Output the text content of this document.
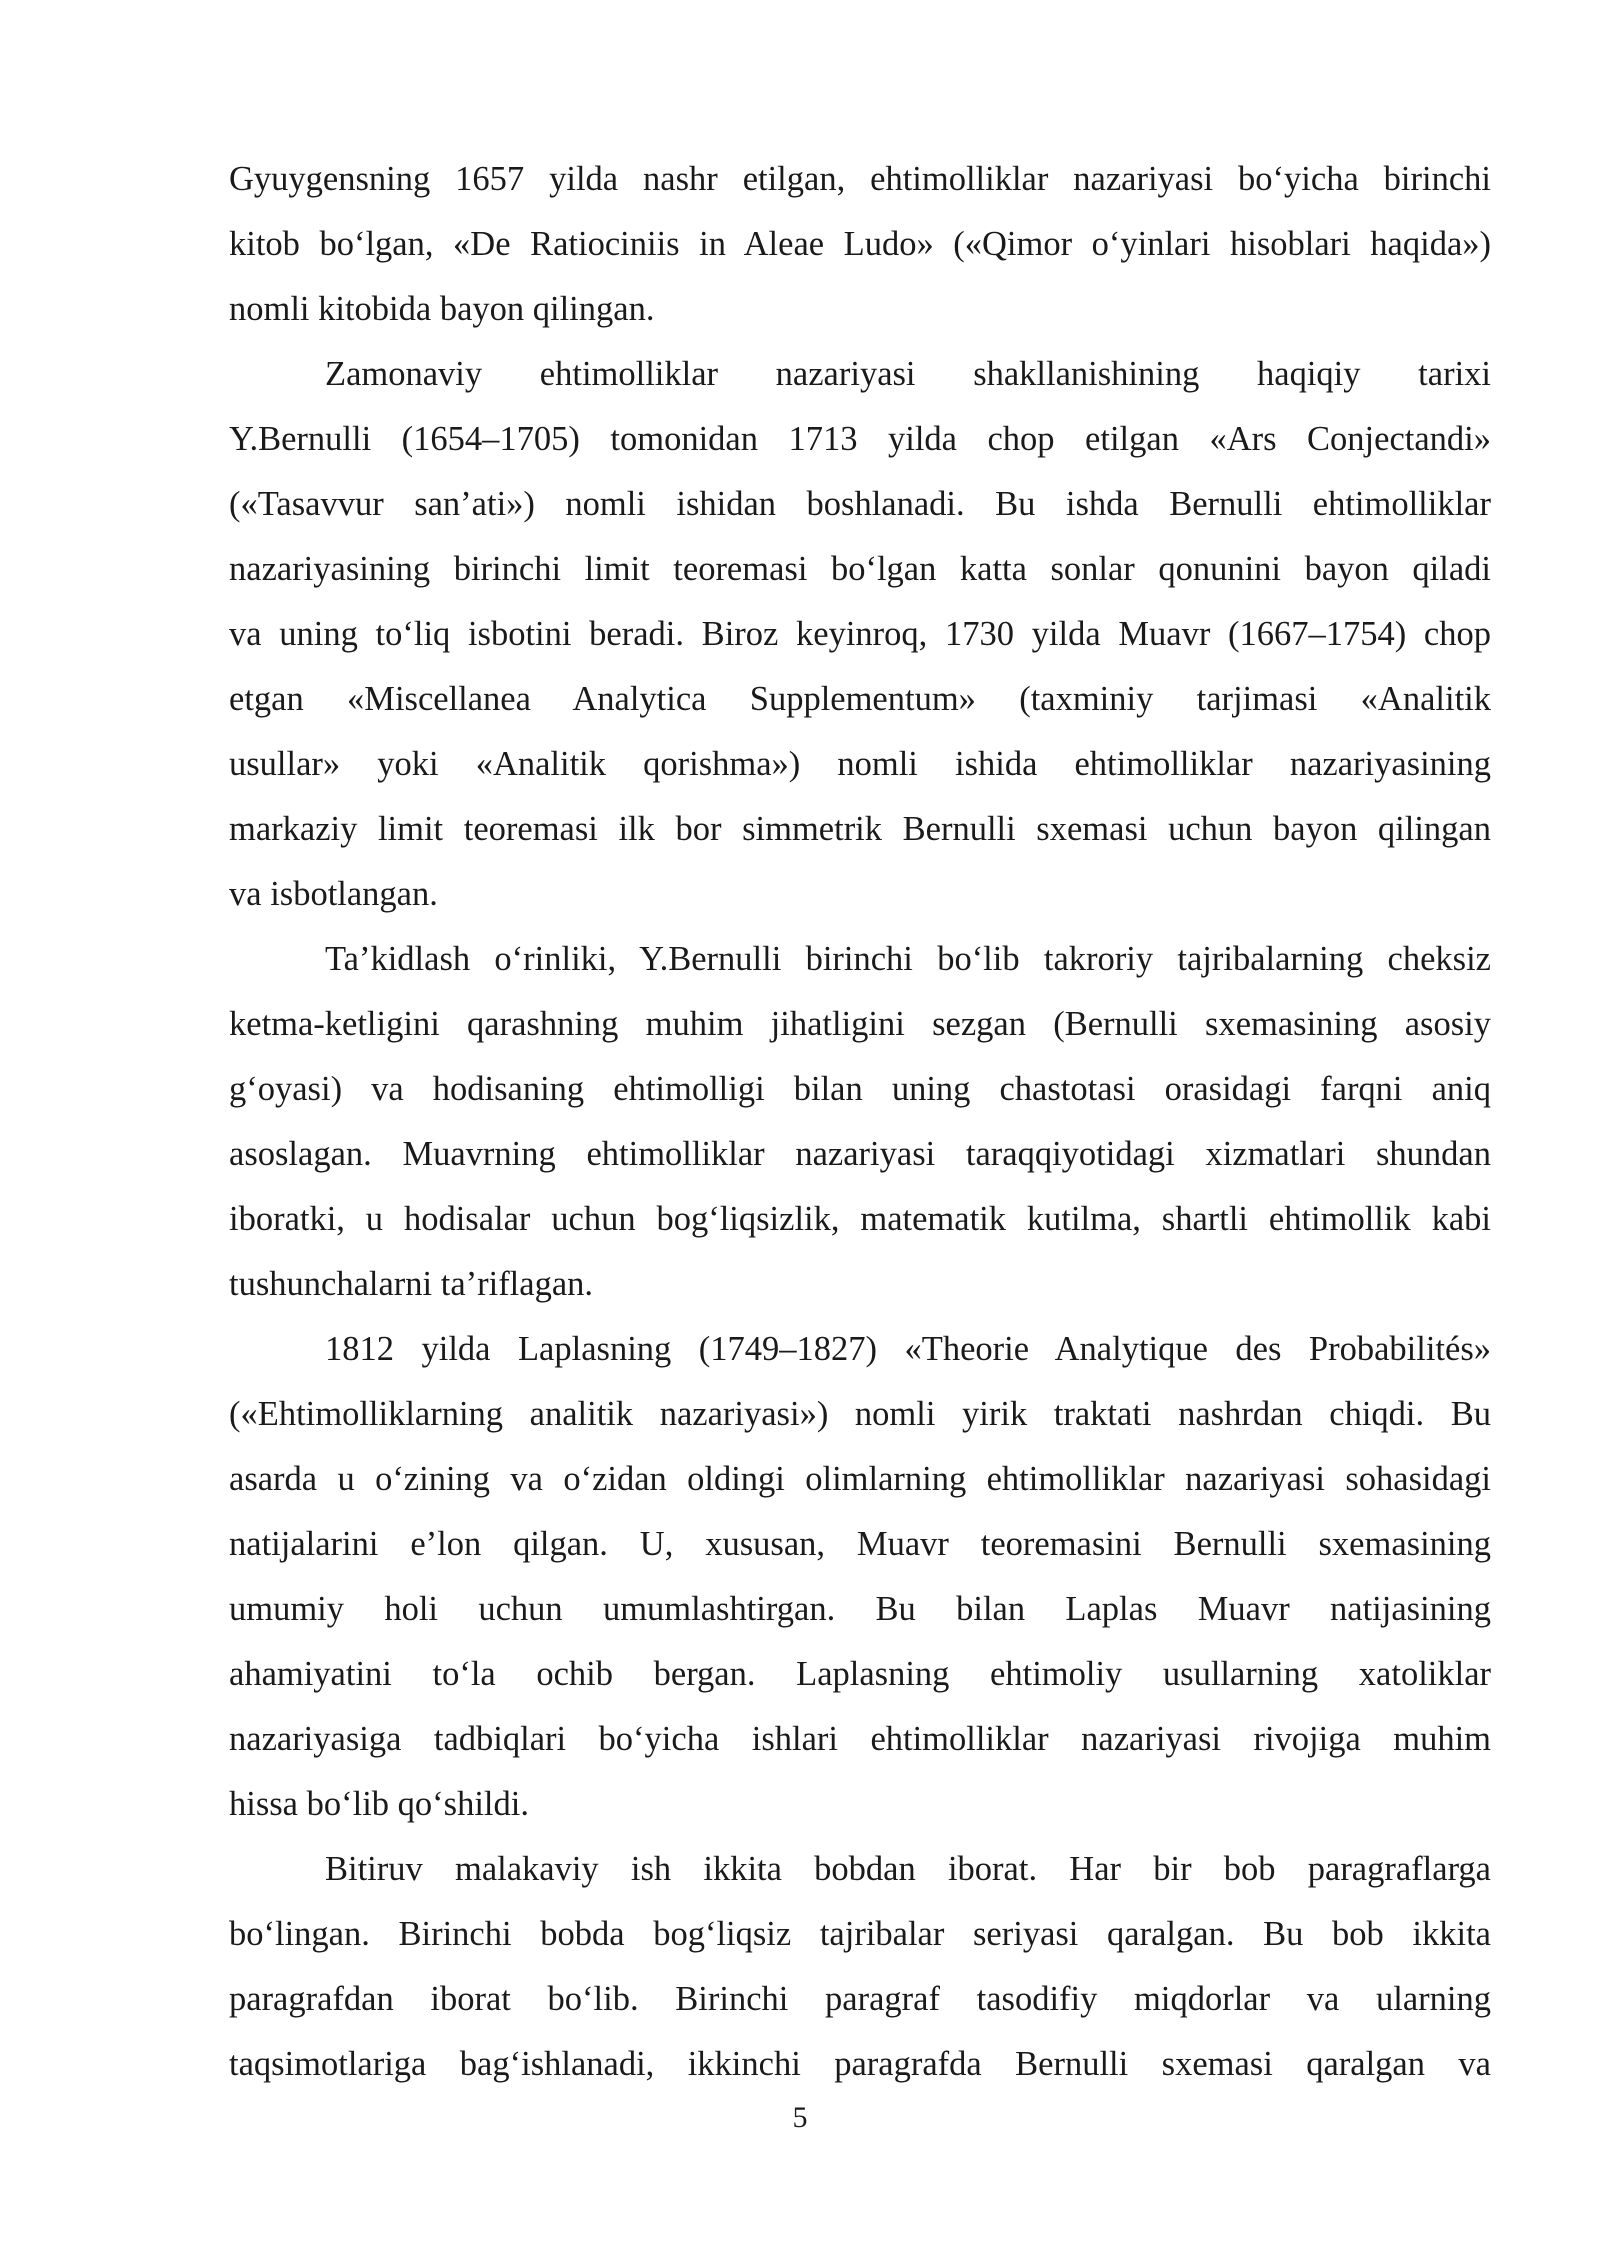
Gyuygensning 1657 yilda nashr etilgan, ehtimolliklar nazariyasi bo‘yicha birinchi
kitob bo‘lgan, «De Ratiociniis in Aleae Ludo» («Qimor o‘yinlari hisoblari haqida»)
nomli kitobida bayon qilingan.
Zamonaviy ehtimolliklar nazariyasi shakllanishining haqiqiy tarixi
Y.Bernulli (1654–1705) tomonidan 1713 yilda chop etilgan «Ars Conjectandi»
(«Tasavvur san’ati») nomli ishidan boshlanadi. Bu ishda Bernulli ehtimolliklar
nazariyasining birinchi limit teoremasi bo‘lgan katta sonlar qonunini bayon qiladi
va uning to‘liq isbotini beradi. Biroz keyinroq, 1730 yilda Muavr (1667–1754) chop
etgan «Miscellanea Analytica Supplementum» (taxminiy tarjimasi «Analitik
usullar» yoki «Analitik qorishma») nomli ishida ehtimolliklar nazariyasining
markaziy limit teoremasi ilk bor simmetrik Bernulli sxemasi uchun bayon qilingan
va isbotlangan.
Ta’kidlash o‘rinliki, Y.Bernulli birinchi bo‘lib takroriy tajribalarning cheksiz
ketma-ketligini qarashning muhim jihatligini sezgan (Bernulli sxemasining asosiy
g‘oyasi) va hodisaning ehtimolligi bilan uning chastotasi orasidagi farqni aniq
asoslagan. Muavrning ehtimolliklar nazariyasi taraqqiyotidagi xizmatlari shundan
iboratki, u hodisalar uchun bog‘liqsizlik, matematik kutilma, shartli ehtimollik kabi
tushunchalarni ta’riflagan.
1812 yilda Laplasning (1749–1827) «Theorie Analytique des Probabilités»
(«Ehtimolliklarning analitik nazariyasi») nomli yirik traktati nashrdan chiqdi. Bu
asarda u o‘zining va o‘zidan oldingi olimlarning ehtimolliklar nazariyasi sohasidagi
natijalarini e’lon qilgan. U, xususan, Muavr teoremasini Bernulli sxemasining
umumiy holi uchun umumlashtirgan. Bu bilan Laplas Muavr natijasining
ahamiyatini to‘la ochib bergan. Laplasning ehtimoliy usullarning xatoliklar
nazariyasiga tadbiqlari bo‘yicha ishlari ehtimolliklar nazariyasi rivojiga muhim
hissa bo‘lib qo‘shildi.
Bitiruv malakaviy ish ikkita bobdan iborat. Har bir bob paragraflarga
bo‘lingan. Birinchi bobda bog‘liqsiz tajribalar seriyasi qaralgan. Bu bob ikkita
paragrafdan iborat bo‘lib. Birinchi paragraf tasodifiy miqdorlar va ularning
taqsimotlariga bag‘ishlanadi, ikkinchi paragrafda Bernulli sxemasi qaralgan va
5
